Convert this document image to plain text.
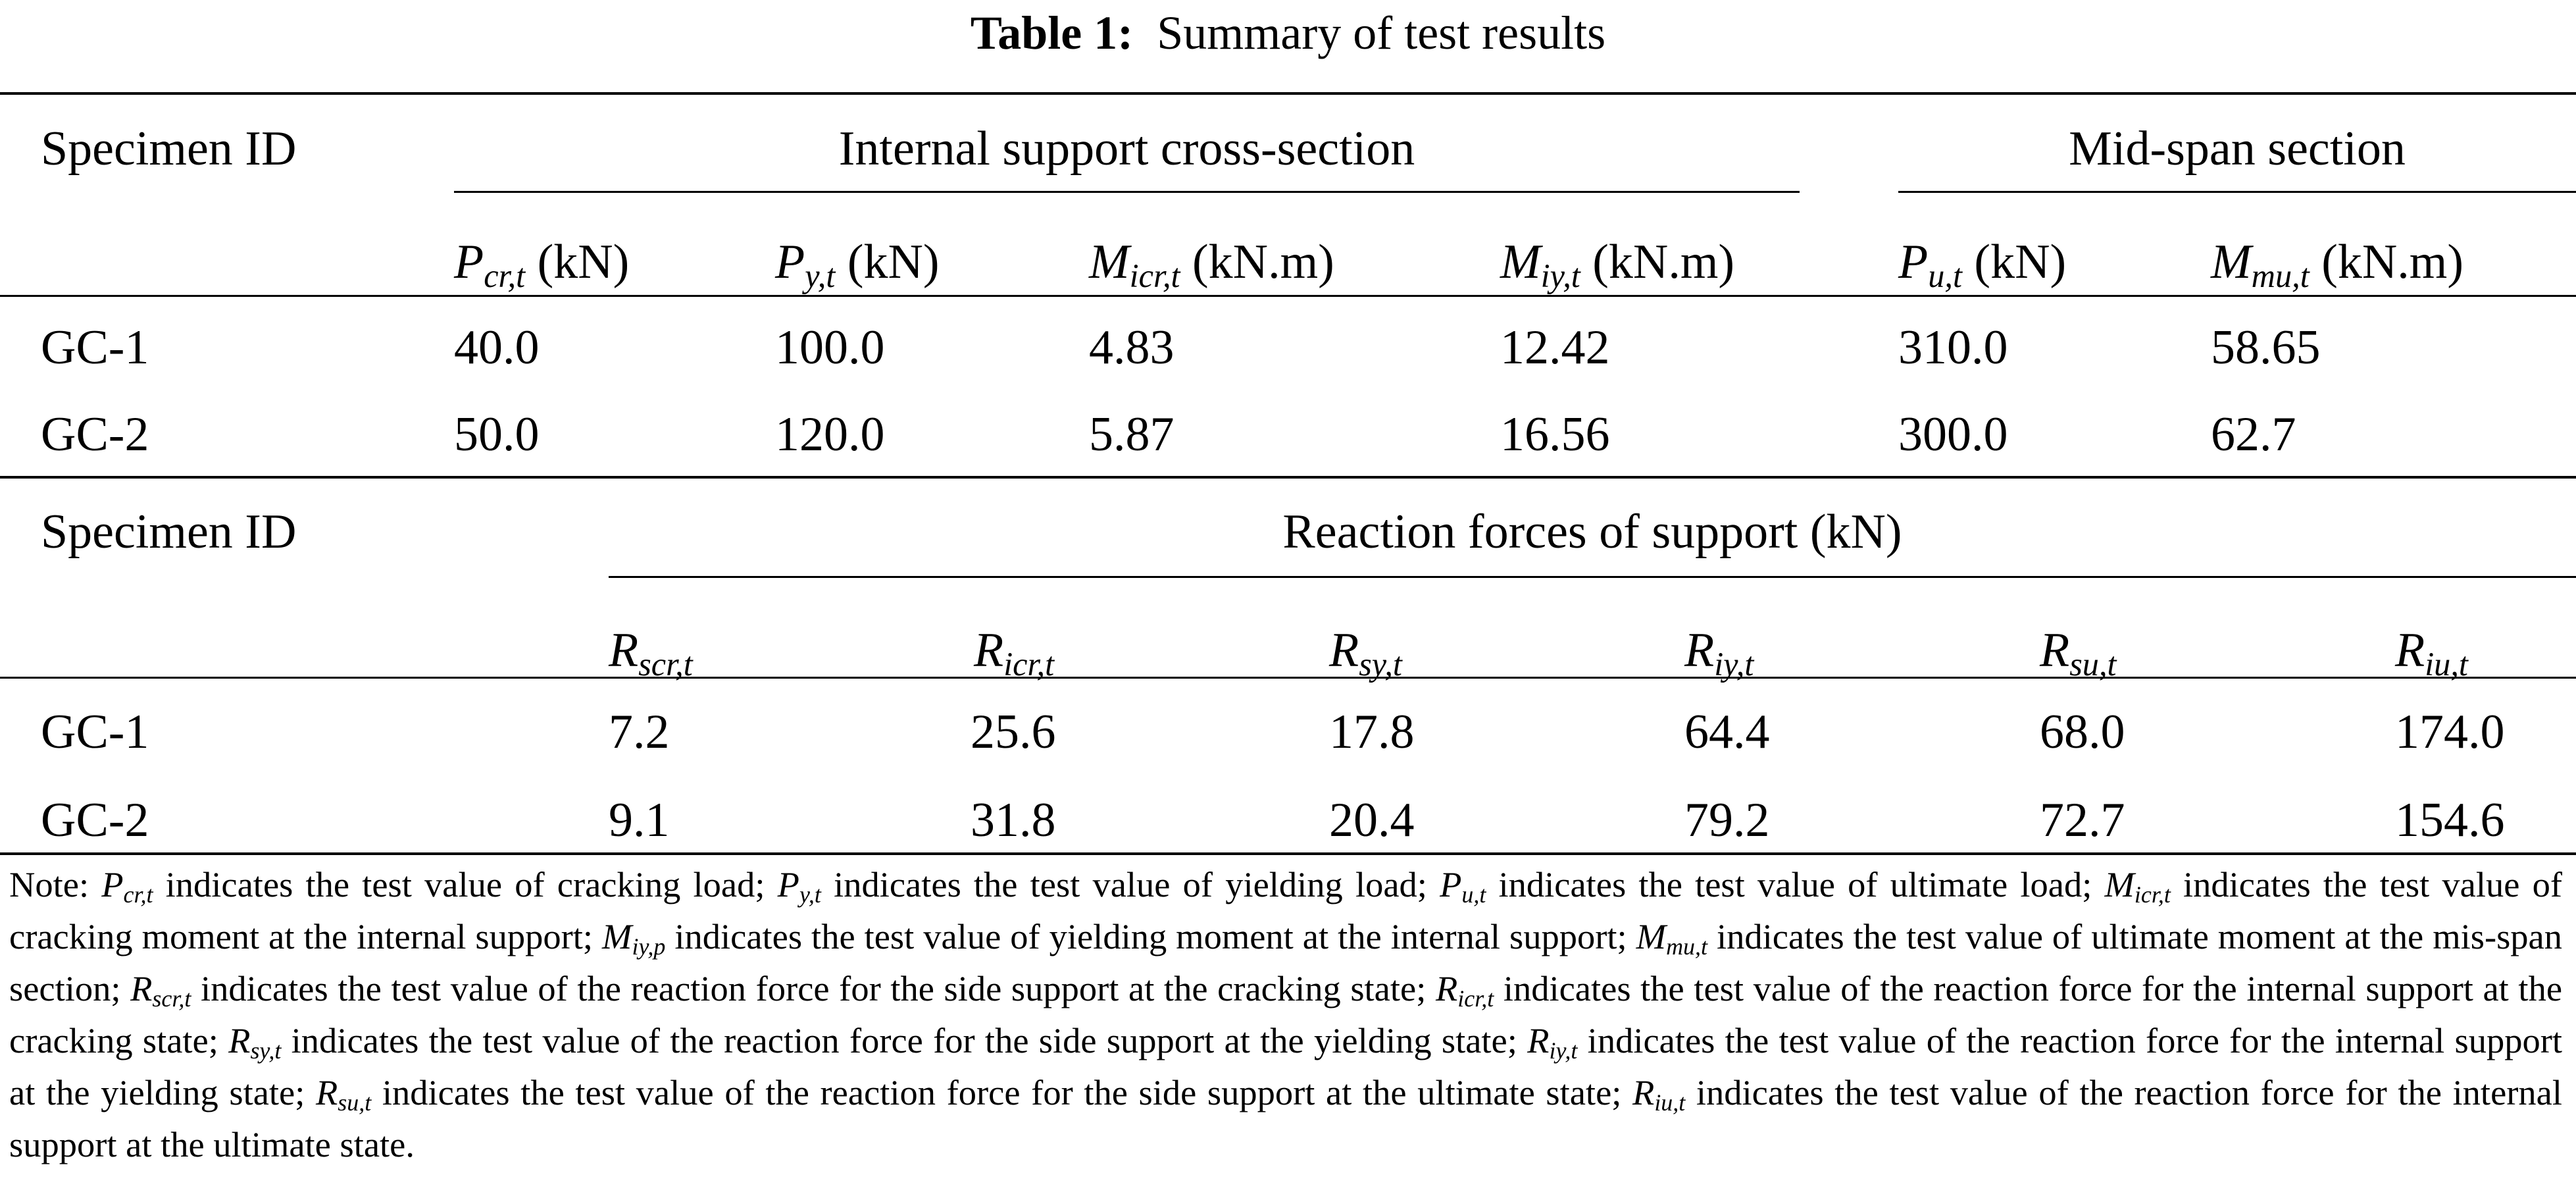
Table 1: Summary of test results
Specimen ID	Internal support cross-section	Mid-span section
$P_{cr,t}$ (kN)	$P_{y,t}$ (kN)	$M_{icr,t}$ (kN.m)	$M_{iy,t}$ (kN.m)	$P_{u,t}$ (kN)	$M_{mu,t}$ (kN.m)
GC-1	40.0	100.0	4.83	12.42	310.0	58.65
GC-2	50.0	120.0	5.87	16.56	300.0	62.7
Specimen ID	Reaction forces of support (kN)
$R_{scr,t}$	$R_{icr,t}$	$R_{sy,t}$	$R_{iy,t}$	$R_{su,t}$	$R_{iu,t}$
GC-1	7.2	25.6	17.8	64.4	68.0	174.0
GC-2	9.1	31.8	20.4	79.2	72.7	154.6
Note: Pcr,t indicates the test value of cracking load; Py,t indicates the test value of yielding load; Pu,t indicates the test value of ultimate load; Micr,t indicates the test value of cracking moment at the internal support; Miy,p indicates the test value of yielding moment at the internal support; Mmu,t indicates the test value of ultimate moment at the mis-span section; Rscr,t indicates the test value of the reaction force for the side support at the cracking state; Ricr,t indicates the test value of the reaction force for the internal support at the cracking state; Rsy,t indicates the test value of the reaction force for the side support at the yielding state; Riy,t indicates the test value of the reaction force for the internal support at the yielding state; Rsu,t indicates the test value of the reaction force for the side support at the ultimate state; Riu,t indicates the test value of the reaction force for the internal support at the ultimate state.
